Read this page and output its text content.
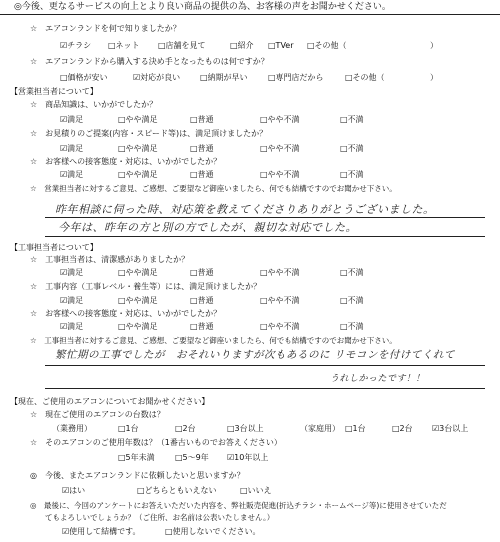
◎今後、更なるサービスの向上とより良い商品の提供の為、お客様の声をお聞かせください。
☆　エアコンランドを何で知りましたか？
☑チラシ □ネット □店舗を見て	□紹介 □TVer □その他（	）
☆　エアコンランドから購入する決め手となったものは何ですか？
□価格が安い	☑対応が良い □納期が早い	□専門店だから	□その他（	）
【営業担当者について】
☆　商品知識は、いかがでしたか？
☑満足	□やや満足	□普通	□やや不満	□不満
☆　お見積りのご提案(内容・スピード等)は、満足頂けましたか？
☑満足	□やや満足	□普通	□やや不満	□不満
☆　お客様への接客態度・対応は、いかがでしたか？
☑満足	□やや満足	□普通	□やや不満	□不満
☆　営業担当者に対するご意見、ご感想、ご要望など御座いましたら、何でも結構ですのでお聞かせ下さい。
昨年相談に伺った時、対応策を教えてくださりありがとうございました。
今年は、昨年の方と別の方でしたが、親切な対応でした。
【工事担当者について】
☆　工事担当者は、清潔感がありましたか？
☑満足	□やや満足	□普通	□やや不満	□不満
☆　工事内容（工事レベル・養生等）には、満足頂けましたか？
☑満足	□やや満足	□普通	□やや不満	□不満
☆　お客様への接客態度・対応は、いかがでしたか？
☑満足	□やや満足	□普通	□やや不満	□不満
☆　工事担当者に対するご意見、ご感想、ご要望など御座いましたら、何でも結構ですのでお聞かせ下さい。
繁忙期の工事でしたが　おそれいりますが次もあるのに リモコンを付けてくれて
うれしかったです！！
【現在、ご使用のエアコンについてお聞かせください】
☆　現在ご使用のエアコンの台数は？
（業務用）	□1台	□2台	□3台以上	（家庭用） □1台	□2台 ☑3台以上
☆　そのエアコンのご使用年数は？（1番古いものでお答えください）
□5年未満	□5～9年 ☑10年以上
◎　今後、またエアコンランドに依頼したいと思いますか？
☑はい	□どちらともいえない	□いいえ
◎　最後に、今回のアンケートにお答えいただいた内容を、弊社販売促進(折込チラシ・ホームページ等)に使用させていただ
　　てもよろしいでしょうか？（ご住所、お名前は公表いたしません。）
☑使用して結構です。	□使用しないでください。
